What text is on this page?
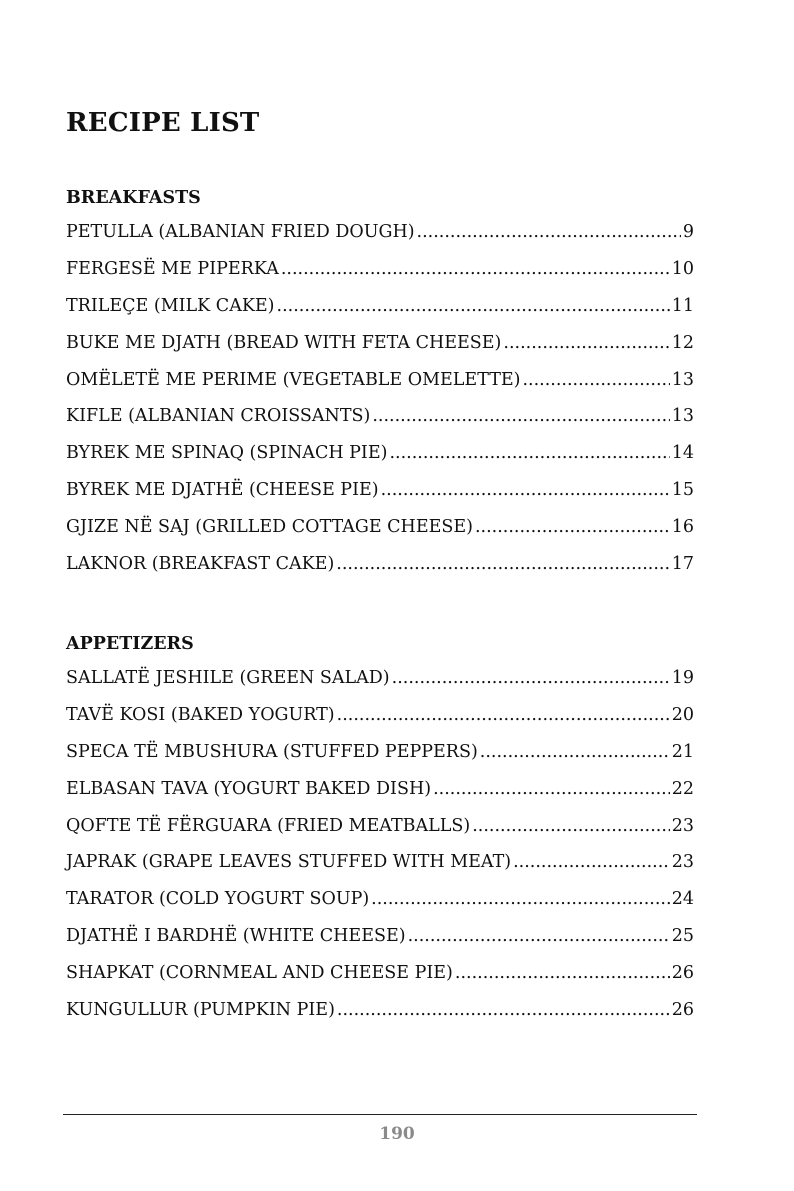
RECIPE LIST
BREAKFASTS
PETULLA (ALBANIAN FRIED DOUGH) .....	9
FERGESË ME PIPERKA .....	10
TRILEÇE (MILK CAKE) .....	11
BUKE ME DJATH (BREAD WITH FETA CHEESE) .....	12
OMËLETË ME PERIME (VEGETABLE OMELETTE) .....	13
KIFLE (ALBANIAN CROISSANTS) .....	13
BYREK ME SPINAQ (SPINACH PIE) .....	14
BYREK ME DJATHË (CHEESE PIE) .....	15
GJIZE NË SAJ (GRILLED COTTAGE CHEESE) .....	16
LAKNOR (BREAKFAST CAKE) .....	17
APPETIZERS
SALLATË JESHILE (GREEN SALAD) .....	19
TAVË KOSI (BAKED YOGURT) .....	20
SPECA TË MBUSHURA (STUFFED PEPPERS) .....	21
ELBASAN TAVA (YOGURT BAKED DISH) .....	22
QOFTE TË FËRGUARA (FRIED MEATBALLS) .....	23
JAPRAK (GRAPE LEAVES STUFFED WITH MEAT) .....	23
TARATOR (COLD YOGURT SOUP) .....	24
DJATHË I BARDHË (WHITE CHEESE) .....	25
SHAPKAT (CORNMEAL AND CHEESE PIE) .....	26
KUNGULLUR (PUMPKIN PIE) .....	26
190
